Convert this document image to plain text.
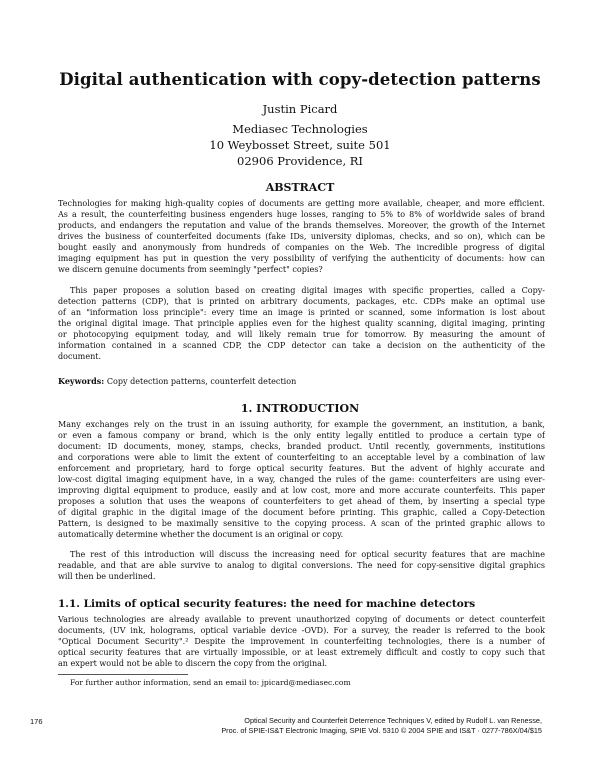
Digital authentication with copy-detection patterns
Justin Picard
Mediasec Technologies
10 Weybosset Street, suite 501
02906 Providence, RI
ABSTRACT
Technologies for making high-quality copies of documents are getting more available, cheaper, and more efficient.
As a result, the counterfeiting business engenders huge losses, ranging to 5% to 8% of worldwide sales of brand
products, and endangers the reputation and value of the brands themselves. Moreover, the growth of the Internet
drives the business of counterfeited documents (fake IDs, university diplomas, checks, and so on), which can be
bought easily and anonymously from hundreds of companies on the Web. The incredible progress of digital
imaging equipment has put in question the very possibility of verifying the authenticity of documents: how can
we discern genuine documents from seemingly "perfect" copies?
This paper proposes a solution based on creating digital images with specific properties, called a Copy-
detection patterns (CDP), that is printed on arbitrary documents, packages, etc. CDPs make an optimal use
of an "information loss principle": every time an image is printed or scanned, some information is lost about
the original digital image. That principle applies even for the highest quality scanning, digital imaging, printing
or photocopying equipment today, and will likely remain true for tomorrow. By measuring the amount of
information contained in a scanned CDP, the CDP detector can take a decision on the authenticity of the
document.
Keywords: Copy detection patterns, counterfeit detection
1. INTRODUCTION
Many exchanges rely on the trust in an issuing authority, for example the government, an institution, a bank,
or even a famous company or brand, which is the only entity legally entitled to produce a certain type of
document: ID documents, money, stamps, checks, branded product. Until recently, governments, institutions
and corporations were able to limit the extent of counterfeiting to an acceptable level by a combination of law
enforcement and proprietary, hard to forge optical security features. But the advent of highly accurate and
low-cost digital imaging equipment have, in a way, changed the rules of the game: counterfeiters are using ever-
improving digital equipment to produce, easily and at low cost, more and more accurate counterfeits. This paper
proposes a solution that uses the weapons of counterfeiters to get ahead of them, by inserting a special type
of digital graphic in the digital image of the document before printing. This graphic, called a Copy-Detection
Pattern, is designed to be maximally sensitive to the copying process. A scan of the printed graphic allows to
automatically determine whether the document is an original or copy.
The rest of this introduction will discuss the increasing need for optical security features that are machine
readable, and that are able survive to analog to digital conversions. The need for copy-sensitive digital graphics
will then be underlined.
1.1. Limits of optical security features: the need for machine detectors
Various technologies are already available to prevent unauthorized copying of documents or detect counterfeit
documents, (UV ink, holograms, optical variable device -OVD). For a survey, the reader is referred to the book
"Optical Document Security".² Despite the improvement in counterfeiting technologies, there is a number of
optical security features that are virtually impossible, or at least extremely difficult and costly to copy such that
an expert would not be able to discern the copy from the original.
For further author information, send an email to: jpicard@mediasec.com
176	Optical Security and Counterfeit Deterrence Techniques V, edited by Rudolf L. van Renesse,
Proc. of SPIE-IS&T Electronic Imaging, SPIE Vol. 5310 © 2004 SPIE and IS&T · 0277-786X/04/$15
